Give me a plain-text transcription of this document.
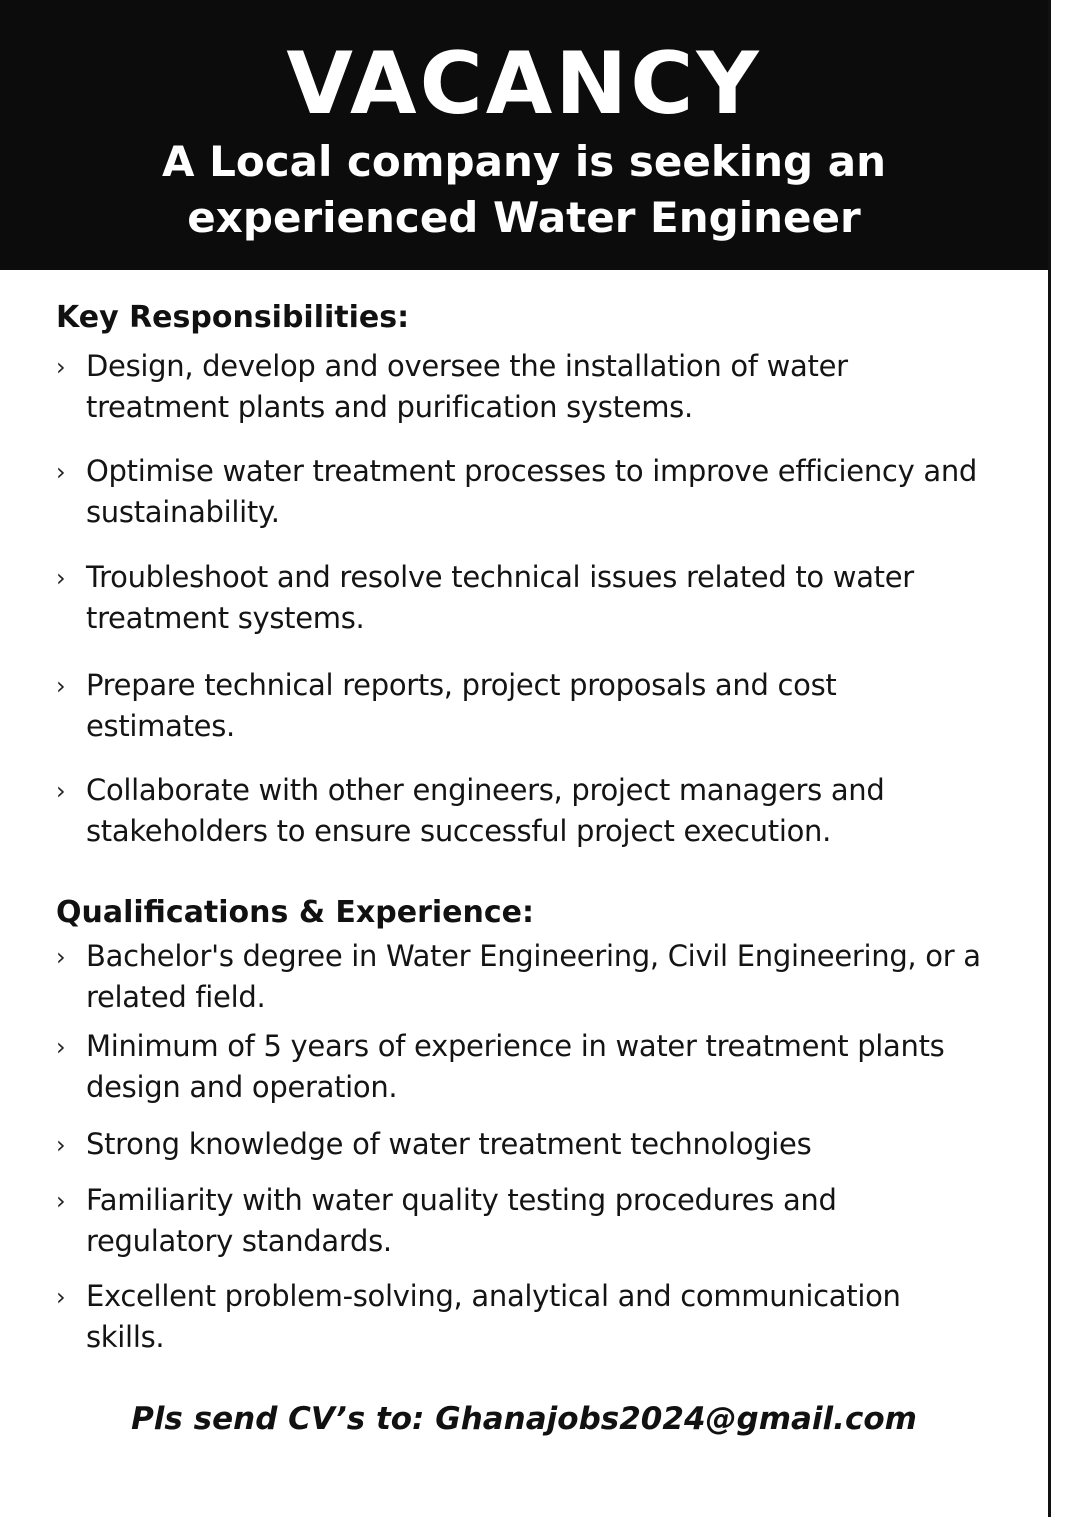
VACANCY
A Local company is seeking an
experienced Water Engineer
Key Responsibilities:
› Design, develop and oversee the installation of water treatment plants and purification systems.
› Optimise water treatment processes to improve efficiency and sustainability.
› Troubleshoot and resolve technical issues related to water treatment systems.
› Prepare technical reports, project proposals and cost estimates.
› Collaborate with other engineers, project managers and stakeholders to ensure successful project execution.
Qualifications & Experience:
› Bachelor's degree in Water Engineering, Civil Engineering, or a related field.
› Minimum of 5 years of experience in water treatment plants design and operation.
› Strong knowledge of water treatment technologies
› Familiarity with water quality testing procedures and regulatory standards.
› Excellent problem-solving, analytical and communication skills.
Pls send CV’s to: Ghanajobs2024@gmail.com
